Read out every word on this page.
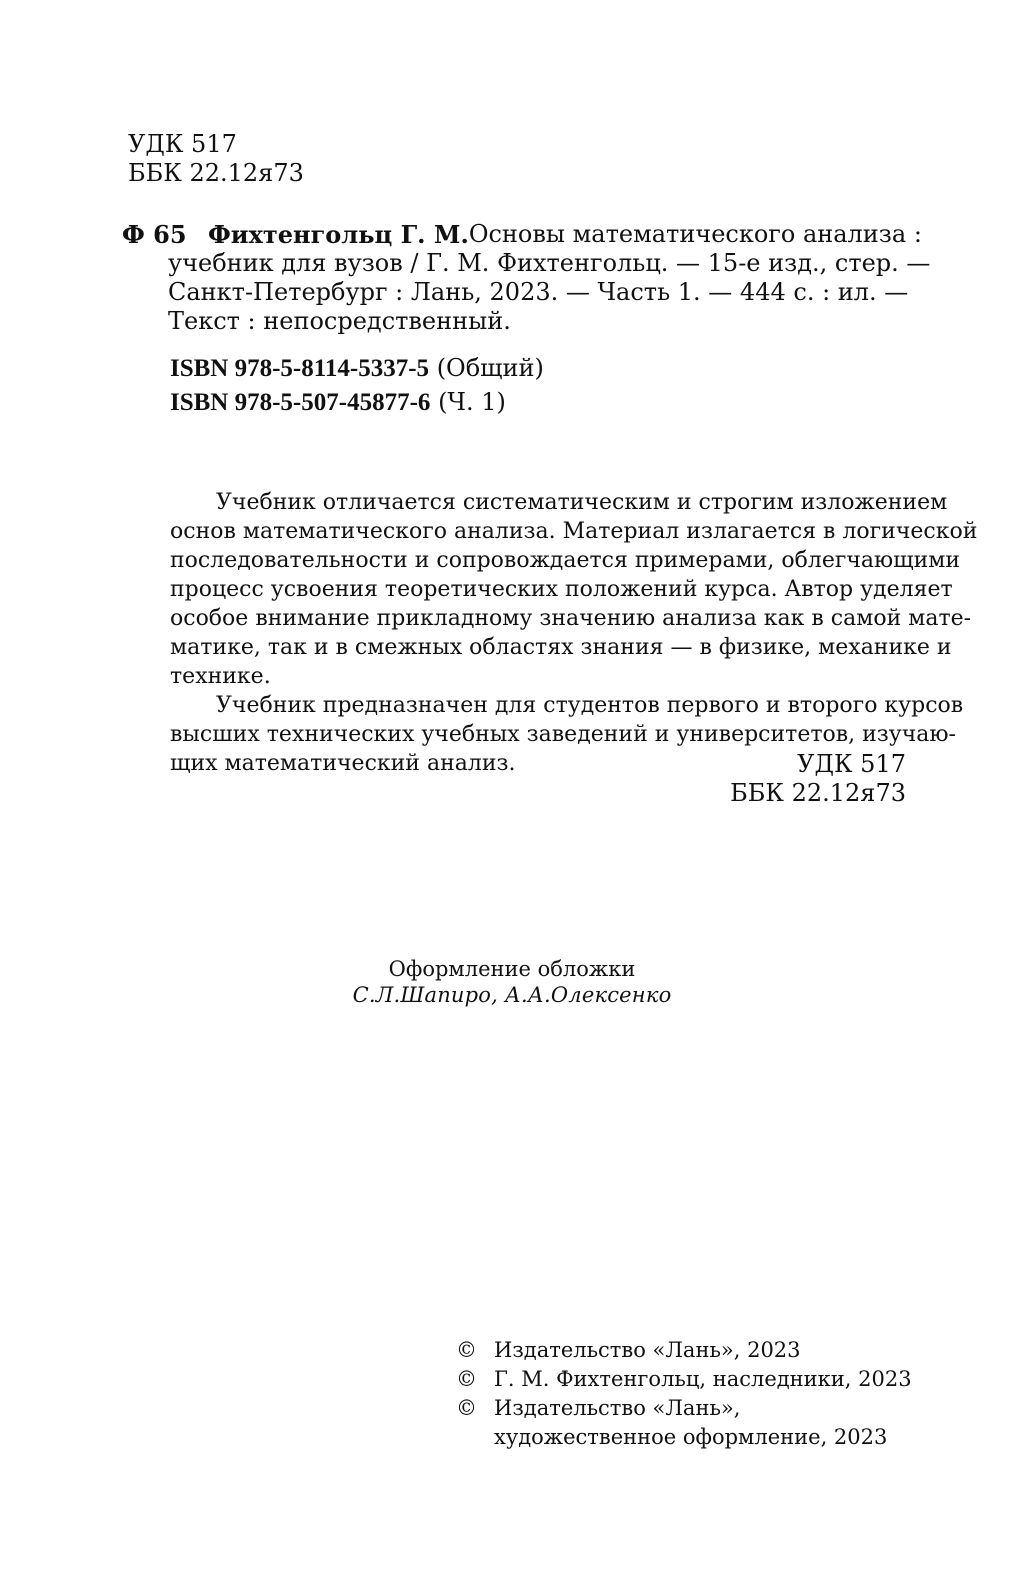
УДК 517
ББК 22.12я73
Ф 65 Фихтенгольц Г. М. Основы математического анализа :
учебник для вузов / Г. М. Фихтенгольц. — 15-е изд., стер. —
Санкт-Петербург : Лань, 2023. — Часть 1. — 444 с. : ил. —
Текст : непосредственный.
ISBN 978-5-8114-5337-5 (Общий)
ISBN 978-5-507-45877-6 (Ч. 1)
Учебник отличается систематическим и строгим изложением
основ математического анализа. Материал излагается в логической
последовательности и сопровождается примерами, облегчающими
процесс усвоения теоретических положений курса. Автор уделяет
особое внимание прикладному значению анализа как в самой мате-
матике, так и в смежных областях знания — в физике, механике и
технике.
Учебник предназначен для студентов первого и второго курсов
высших технических учебных заведений и университетов, изучаю-
щих математический анализ.	УДК 517
ББК 22.12я73
Оформление обложки
С.Л.Шапиро, А.А.Олексенко
© Издательство «Лань», 2023
© Г. М. Фихтенгольц, наследники, 2023
© Издательство «Лань»,
художественное оформление, 2023
